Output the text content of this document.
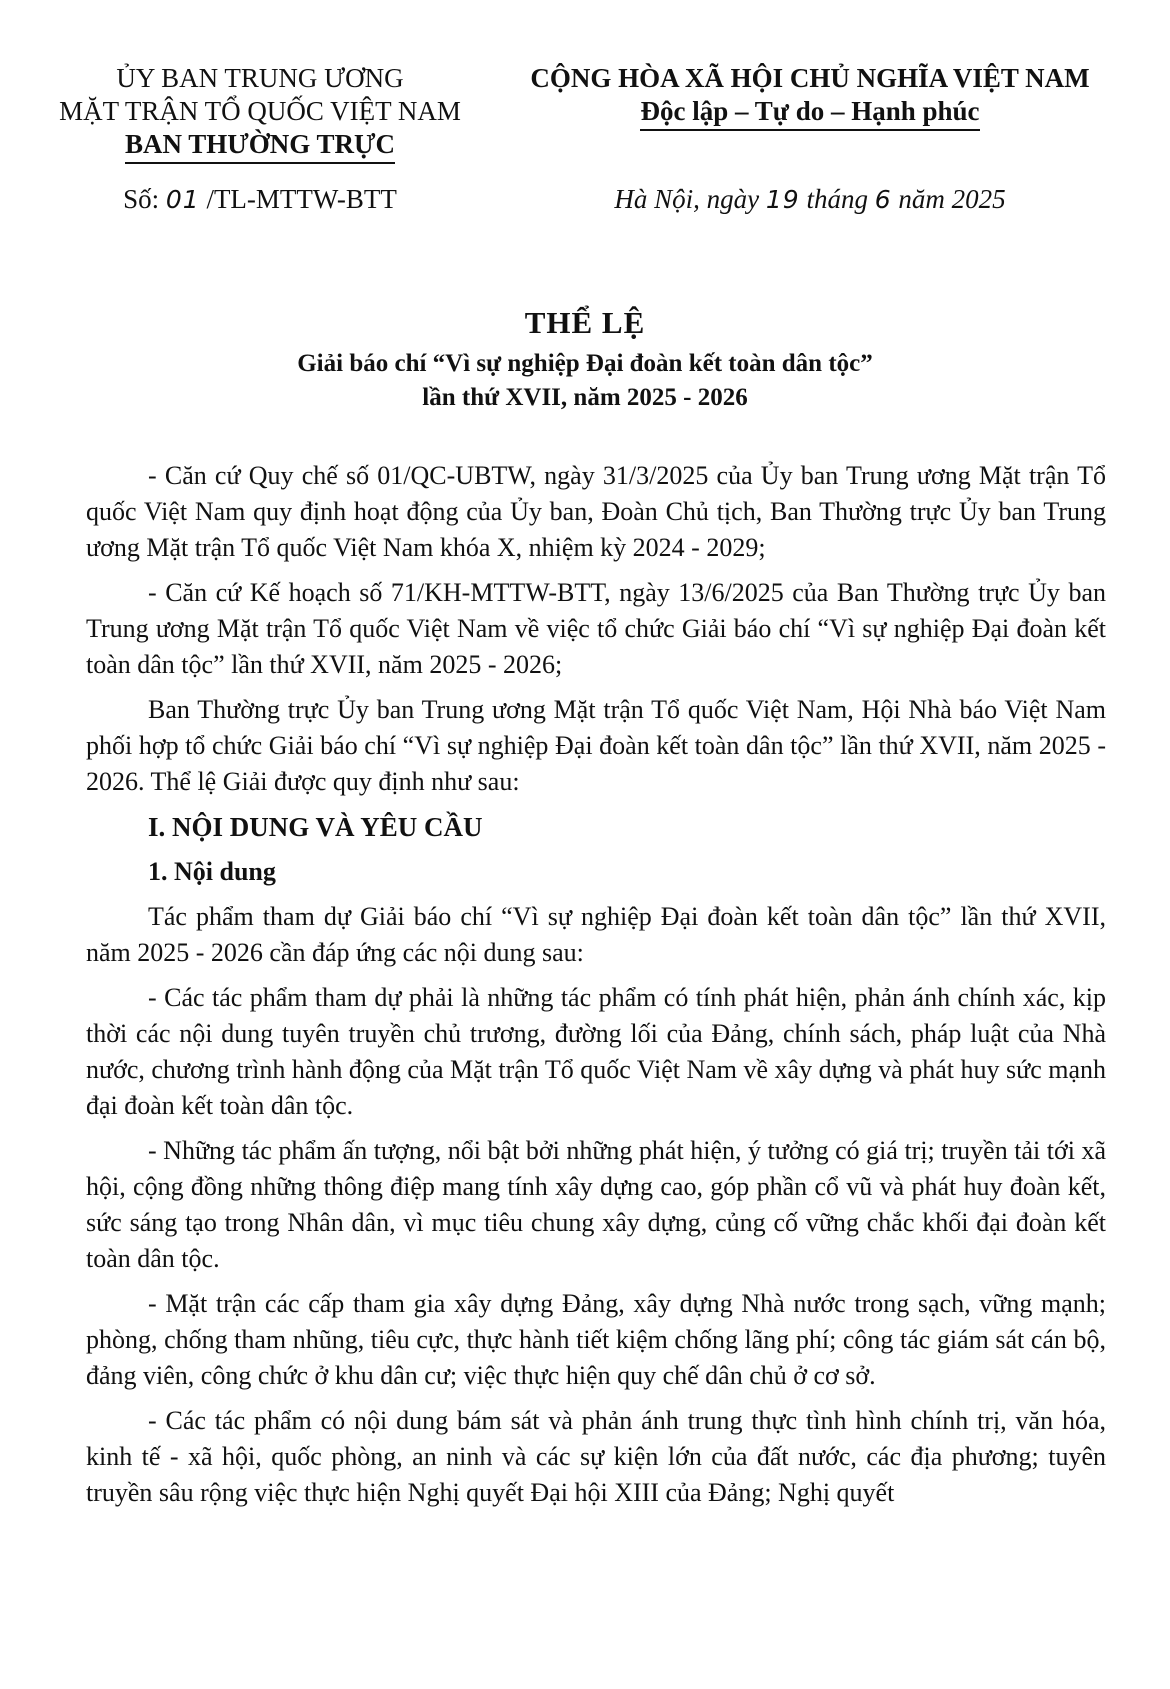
ỦY BAN TRUNG ƯƠNG
MẶT TRẬN TỔ QUỐC VIỆT NAM
BAN THƯỜNG TRỰC
CỘNG HÒA XÃ HỘI CHỦ NGHĨA VIỆT NAM
Độc lập – Tự do – Hạnh phúc
Số: 01 /TL-MTTW-BTT	Hà Nội, ngày 19 tháng 6 năm 2025
THỂ LỆ
Giải báo chí “Vì sự nghiệp Đại đoàn kết toàn dân tộc”
lần thứ XVII, năm 2025 - 2026

- Căn cứ Quy chế số 01/QC-UBTW, ngày 31/3/2025 của Ủy ban Trung ương Mặt trận Tổ quốc Việt Nam quy định hoạt động của Ủy ban, Đoàn Chủ tịch, Ban Thường trực Ủy ban Trung ương Mặt trận Tổ quốc Việt Nam khóa X, nhiệm kỳ 2024 - 2029;

- Căn cứ Kế hoạch số 71/KH-MTTW-BTT, ngày 13/6/2025 của Ban Thường trực Ủy ban Trung ương Mặt trận Tổ quốc Việt Nam về việc tổ chức Giải báo chí “Vì sự nghiệp Đại đoàn kết toàn dân tộc” lần thứ XVII, năm 2025 - 2026;

Ban Thường trực Ủy ban Trung ương Mặt trận Tổ quốc Việt Nam, Hội Nhà báo Việt Nam phối hợp tổ chức Giải báo chí “Vì sự nghiệp Đại đoàn kết toàn dân tộc” lần thứ XVII, năm 2025 - 2026. Thể lệ Giải được quy định như sau:

I. NỘI DUNG VÀ YÊU CẦU

1. Nội dung

Tác phẩm tham dự Giải báo chí “Vì sự nghiệp Đại đoàn kết toàn dân tộc” lần thứ XVII, năm 2025 - 2026 cần đáp ứng các nội dung sau:

- Các tác phẩm tham dự phải là những tác phẩm có tính phát hiện, phản ánh chính xác, kịp thời các nội dung tuyên truyền chủ trương, đường lối của Đảng, chính sách, pháp luật của Nhà nước, chương trình hành động của Mặt trận Tổ quốc Việt Nam về xây dựng và phát huy sức mạnh đại đoàn kết toàn dân tộc.

- Những tác phẩm ấn tượng, nổi bật bởi những phát hiện, ý tưởng có giá trị; truyền tải tới xã hội, cộng đồng những thông điệp mang tính xây dựng cao, góp phần cổ vũ và phát huy đoàn kết, sức sáng tạo trong Nhân dân, vì mục tiêu chung xây dựng, củng cố vững chắc khối đại đoàn kết toàn dân tộc.

- Mặt trận các cấp tham gia xây dựng Đảng, xây dựng Nhà nước trong sạch, vững mạnh; phòng, chống tham nhũng, tiêu cực, thực hành tiết kiệm chống lãng phí; công tác giám sát cán bộ, đảng viên, công chức ở khu dân cư; việc thực hiện quy chế dân chủ ở cơ sở.

- Các tác phẩm có nội dung bám sát và phản ánh trung thực tình hình chính trị, văn hóa, kinh tế - xã hội, quốc phòng, an ninh và các sự kiện lớn của đất nước, các địa phương; tuyên truyền sâu rộng việc thực hiện Nghị quyết Đại hội XIII của Đảng; Nghị quyết
